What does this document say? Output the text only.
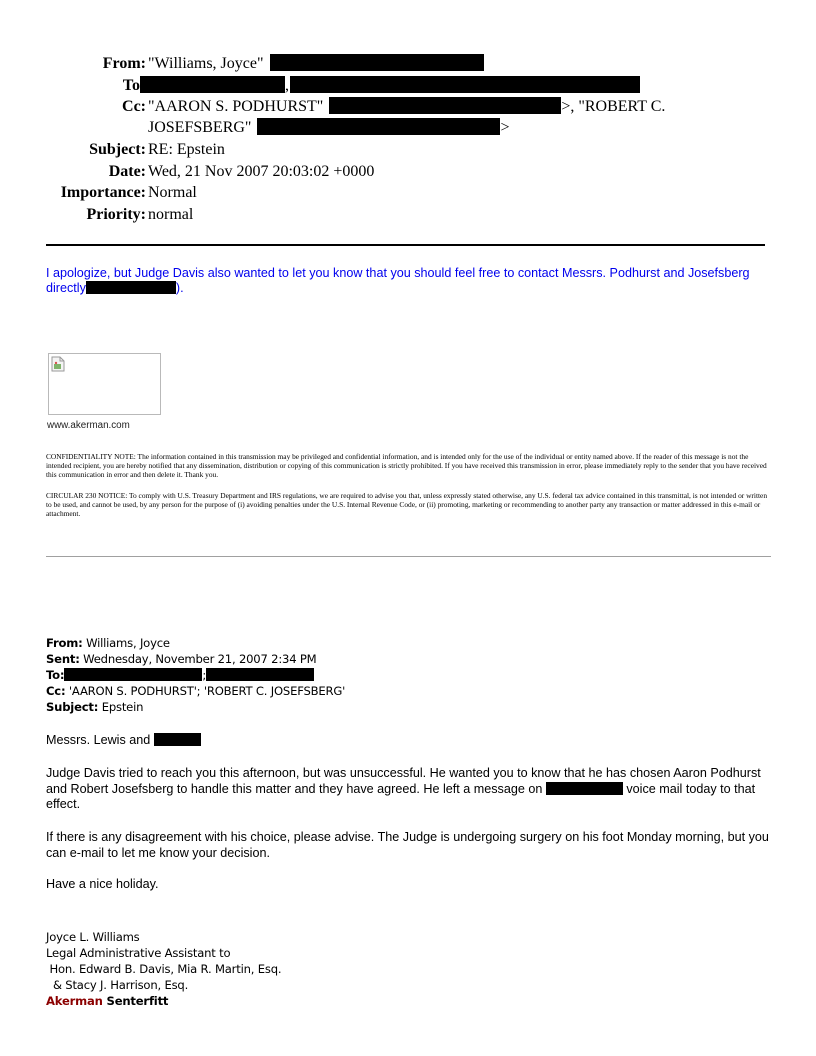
From: "Williams, Joyce"
To	,
Cc: "AARON S. PODHURST"	>, "ROBERT C.
JOSEFSBERG"	>
Subject: RE: Epstein
Date: Wed, 21 Nov 2007 20:03:02 +0000
Importance: Normal
Priority: normal
I apologize, but Judge Davis also wanted to let you know that you should feel free to contact Messrs. Podhurst and Josefsberg directly	).
www.akerman.com
CONFIDENTIALITY NOTE: The information contained in this transmission may be privileged and confidential information, and is intended only for the use of the individual or entity named above. If the reader of this message is not the intended recipient, you are hereby notified that any dissemination, distribution or copying of this communication is strictly prohibited. If you have received this transmission in error, please immediately reply to the sender that you have received this communication in error and then delete it. Thank you.
CIRCULAR 230 NOTICE: To comply with U.S. Treasury Department and IRS regulations, we are required to advise you that, unless expressly stated otherwise, any U.S. federal tax advice contained in this transmittal, is not intended or written to be used, and cannot be used, by any person for the purpose of (i) avoiding penalties under the U.S. Internal Revenue Code, or (ii) promoting, marketing or recommending to another party any transaction or matter addressed in this e-mail or attachment.
From: Williams, Joyce
Sent: Wednesday, November 21, 2007 2:34 PM
To:	;
Cc: 'AARON S. PODHURST'; 'ROBERT C. JOSEFSBERG'
Subject: Epstein

Messrs. Lewis and

Judge Davis tried to reach you this afternoon, but was unsuccessful. He wanted you to know that he has chosen Aaron Podhurst and Robert Josefsberg to handle this matter and they have agreed. He left a message on	voice mail today to that effect.

If there is any disagreement with his choice, please advise. The Judge is undergoing surgery on his foot Monday morning, but you can e-mail to let me know your decision.

Have a nice holiday.

Joyce L. Williams
Legal Administrative Assistant to
Hon. Edward B. Davis, Mia R. Martin, Esq.
& Stacy J. Harrison, Esq.
Akerman Senterfitt
